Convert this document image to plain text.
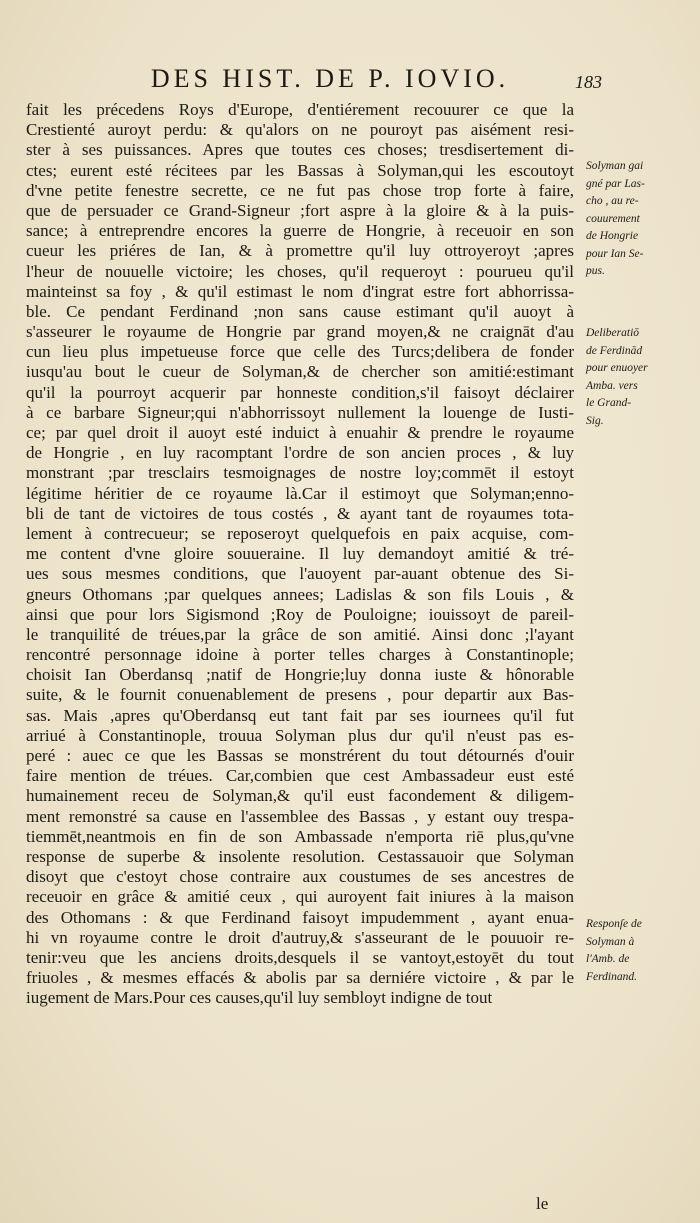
DES HIST. DE P. IOVIO.	183
fait les précedens Roys d'Europe, d'entiérement recouurer ce que la
Crestienté auroyt perdu: & qu'alors on ne pouroyt pas aisément resi-
ster à ses puissances. Apres que toutes ces choses; tresdisertement di-
ctes; eurent esté récitees par les Bassas à Solyman,qui les escoutoyt
d'vne petite fenestre secrette, ce ne fut pas chose trop forte à faire,
que de persuader ce Grand-Signeur ;fort aspre à la gloire & à la puis-
sance; à entreprendre encores la guerre de Hongrie, à receuoir en son
cueur les priéres de Ian, & à promettre qu'il luy ottroyeroyt ;apres
l'heur de nouuelle victoire; les choses, qu'il requeroyt : pourueu qu'il
mainteinst sa foy , & qu'il estimast le nom d'ingrat estre fort abhorrissa-
ble. Ce pendant Ferdinand ;non sans cause estimant qu'il auoyt à
s'asseurer le royaume de Hongrie par grand moyen,& ne craignāt d'au
cun lieu plus impetueuse force que celle des Turcs;delibera de fonder
iusqu'au bout le cueur de Solyman,& de chercher son amitié:estimant
qu'il la pourroyt acquerir par honneste condition,s'il faisoyt déclairer
à ce barbare Signeur;qui n'abhorrissoyt nullement la louenge de Iusti-
ce; par quel droit il auoyt esté induict à enuahir & prendre le royaume
de Hongrie , en luy racomptant l'ordre de son ancien proces , & luy
monstrant ;par tresclairs tesmoignages de nostre loy;commēt il estoyt
légitime héritier de ce royaume là.Car il estimoyt que Solyman;enno-
bli de tant de victoires de tous costés , & ayant tant de royaumes tota-
lement à contrecueur; se reposeroyt quelquefois en paix acquise, com-
me content d'vne gloire souueraine. Il luy demandoyt amitié & tré-
ues sous mesmes conditions, que l'auoyent par-auant obtenue des Si-
gneurs Othomans ;par quelques annees; Ladislas & son fils Louis , &
ainsi que pour lors Sigismond ;Roy de Pouloigne; iouissoyt de pareil-
le tranquilité de tréues,par la grâce de son amitié. Ainsi donc ;l'ayant
rencontré personnage idoine à porter telles charges à Constantinople;
choisit Ian Oberdansq ;natif de Hongrie;luy donna iuste & hônorable
suite, & le fournit conuenablement de presens , pour departir aux Bas-
sas. Mais ,apres qu'Oberdansq eut tant fait par ses iournees qu'il fut
arriué à Constantinople, trouua Solyman plus dur qu'il n'eust pas es-
peré : auec ce que les Bassas se monstrérent du tout détournés d'ouir
faire mention de tréues. Car,combien que cest Ambassadeur eust esté
humainement receu de Solyman,& qu'il eust facondement & diligem-
ment remonstré sa cause en l'assemblee des Bassas , y estant ouy trespa-
tiemmēt,neantmois en fin de son Ambassade n'emporta riē plus,qu'vne
response de superbe & insolente resolution. Cestassauoir que Solyman
disoyt que c'estoyt chose contraire aux coustumes de ses ancestres de
receuoir en grâce & amitié ceux , qui auroyent fait iniures à la maison
des Othomans : & que Ferdinand faisoyt impudemment , ayant enua-
hi vn royaume contre le droit d'autruy,& s'asseurant de le pouuoir re-
tenir:veu que les anciens droits,desquels il se vantoyt,estoyēt du tout
friuoles , & mesmes effacés & abolis par sa derniére victoire , & par le
iugement de Mars.Pour ces causes,qu'il luy sembloyt indigne de tout
Solyman gai
gné par Las-
cho , au re-
couurement
de Hongrie
pour Ian Se-
pus.
Deliberatiō
de Ferdinād
pour enuoyer
Amba. vers
le Grand-
Sig.
Responſe de
Solyman à
l'Amb. de
Ferdinand.
le
